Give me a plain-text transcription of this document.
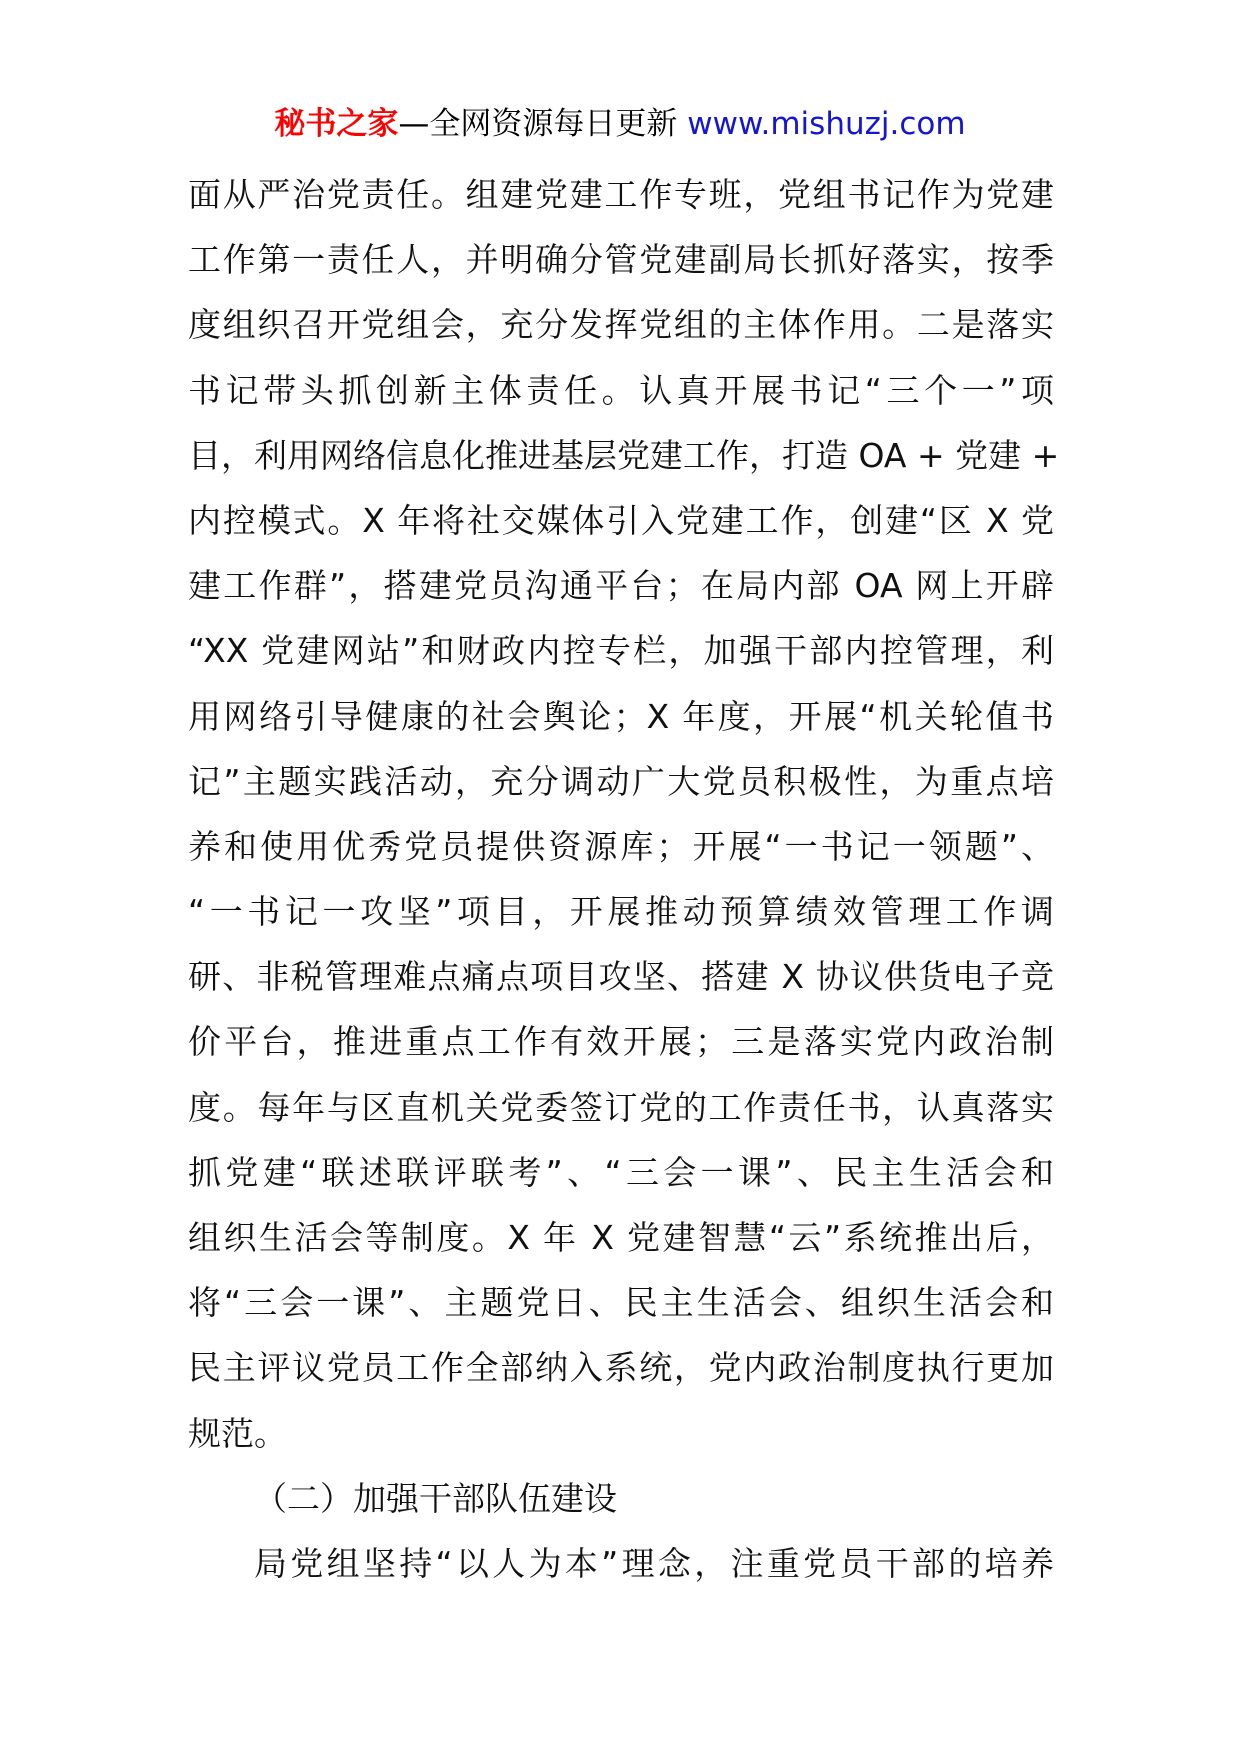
秘书之家—全网资源每日更新 www.mishuzj.com
面从严治党责任。组建党建工作专班，党组书记作为党建
工作第一责任人，并明确分管党建副局长抓好落实，按季
度组织召开党组会，充分发挥党组的主体作用。二是落实
书记带头抓创新主体责任。认真开展书记“三个一”项
目，利用网络信息化推进基层党建工作，打造 OA + 党建 +
内控模式。X 年将社交媒体引入党建工作，创建“区 X 党
建工作群”，搭建党员沟通平台；在局内部 OA 网上开辟
“XX 党建网站”和财政内控专栏，加强干部内控管理，利
用网络引导健康的社会舆论；X 年度，开展“机关轮值书
记”主题实践活动，充分调动广大党员积极性，为重点培
养和使用优秀党员提供资源库；开展“一书记一领题”、
“一书记一攻坚”项目，开展推动预算绩效管理工作调
研、非税管理难点痛点项目攻坚、搭建 X 协议供货电子竞
价平台，推进重点工作有效开展；三是落实党内政治制
度。每年与区直机关党委签订党的工作责任书，认真落实
抓党建“联述联评联考”、“三会一课”、民主生活会和
组织生活会等制度。X 年 X 党建智慧“云”系统推出后，
将“三会一课”、主题党日、民主生活会、组织生活会和
民主评议党员工作全部纳入系统，党内政治制度执行更加
规范。
（二）加强干部队伍建设
局党组坚持“以人为本”理念，注重党员干部的培养
